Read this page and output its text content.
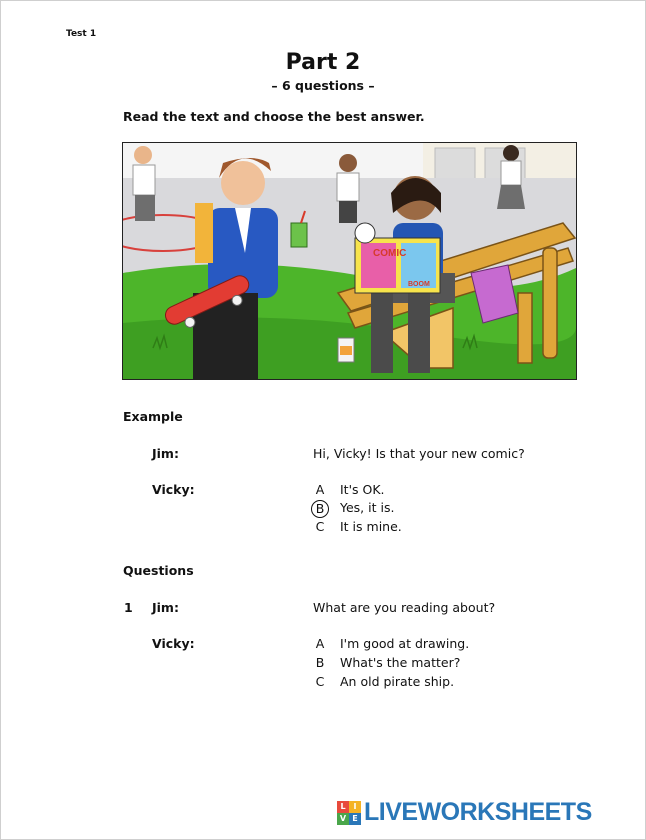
Test 1
Part 2
– 6 questions –
Read the text and choose the best answer.
COMIC
BOOM
Example
Jim:	Hi, Vicky! Is that your new comic?
Vicky:	A It's OK.
B Yes, it is.
C It is mine.
Questions
1 Jim:	What are you reading about?
Vicky:	A I'm good at drawing.
B What's the matter?
C An old pirate ship.
L I
V E LIVEWORKSHEETS
